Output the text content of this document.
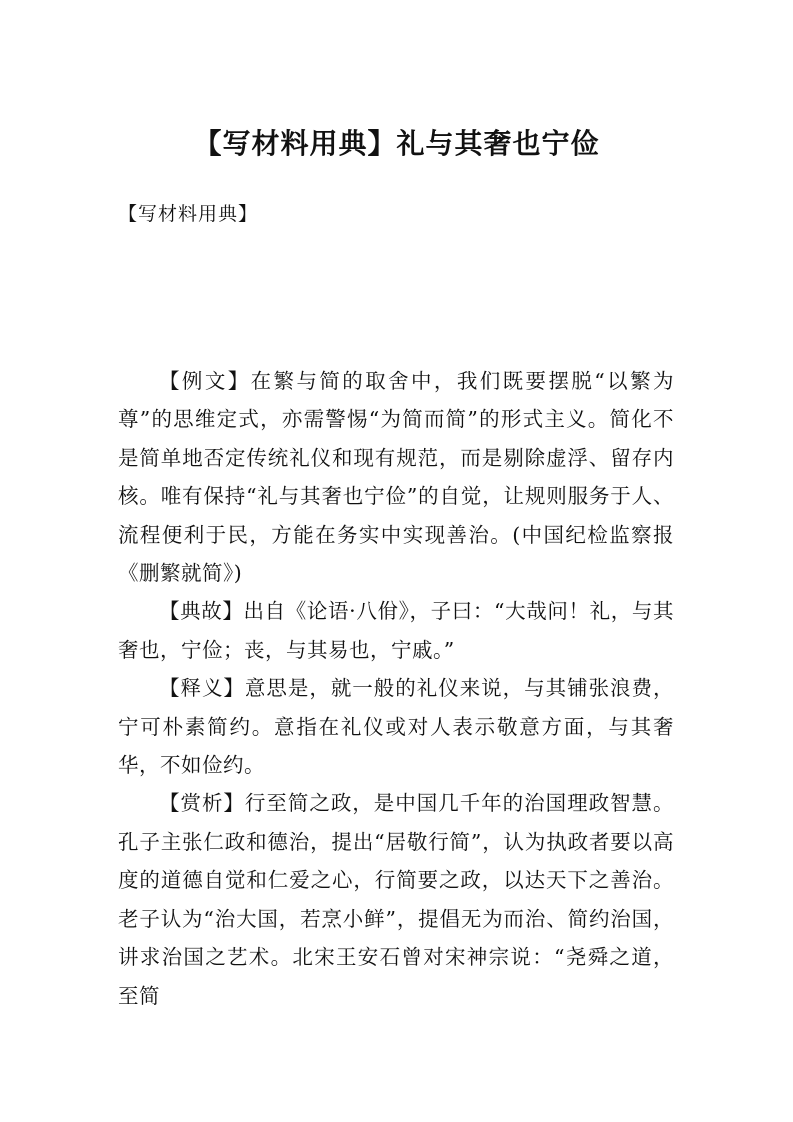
【写材料用典】礼与其奢也宁俭
【写材料用典】

【例文】在繁与简的取舍中，我们既要摆脱“以繁为尊”的思维定式，亦需警惕“为简而简”的形式主义。简化不是简单地否定传统礼仪和现有规范，而是剔除虚浮、留存内核。唯有保持“礼与其奢也宁俭”的自觉，让规则服务于人、流程便利于民，方能在务实中实现善治。(中国纪检监察报《删繁就简》)

【典故】出自《论语·八佾》，子曰：“大哉问！礼，与其奢也，宁俭；丧，与其易也，宁戚。”

【释义】意思是，就一般的礼仪来说，与其铺张浪费，宁可朴素简约。意指在礼仪或对人表示敬意方面，与其奢华，不如俭约。

【赏析】行至简之政，是中国几千年的治国理政智慧。孔子主张仁政和德治，提出“居敬行简”，认为执政者要以高度的道德自觉和仁爱之心，行简要之政，以达天下之善治。老子认为“治大国，若烹小鲜”，提倡无为而治、简约治国，讲求治国之艺术。北宋王安石曾对宋神宗说：“尧舜之道，至简
